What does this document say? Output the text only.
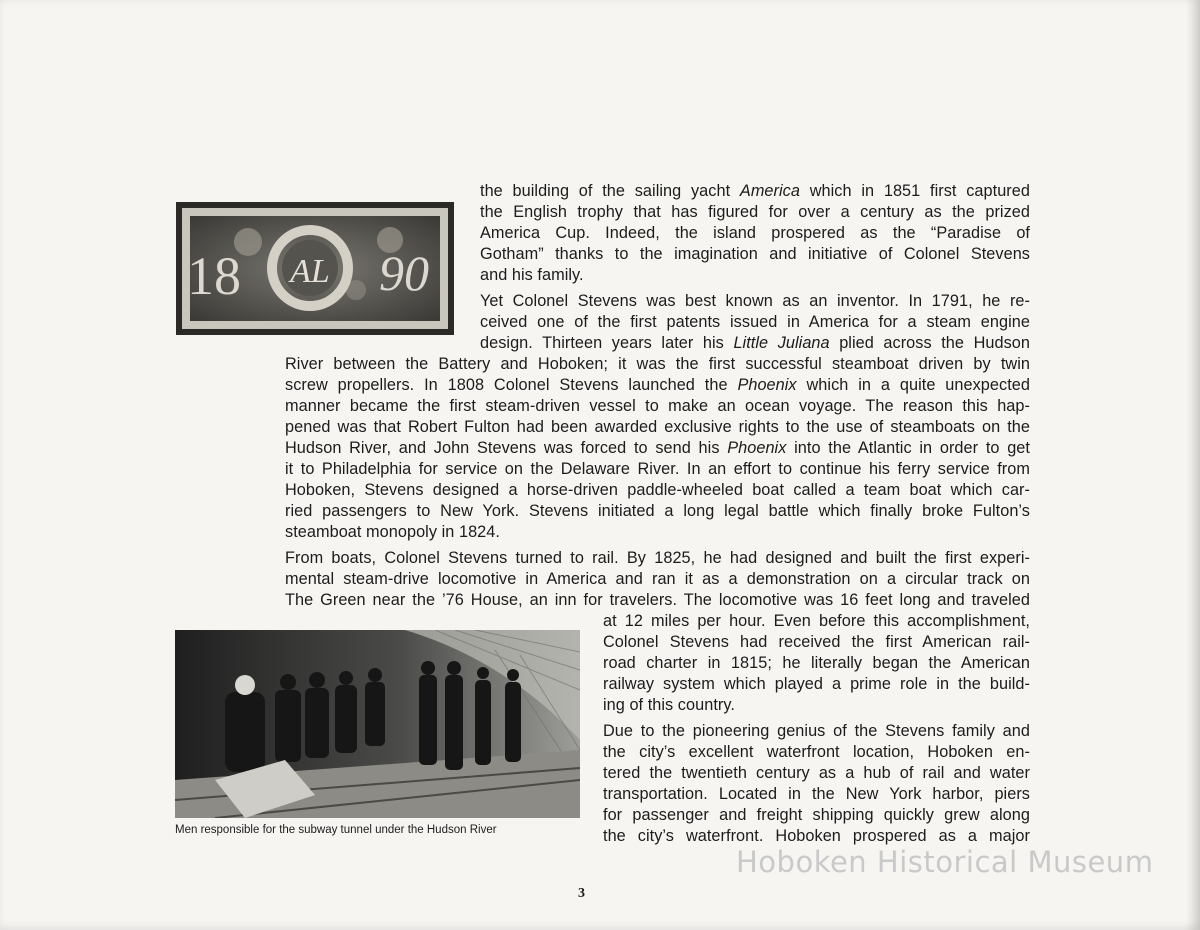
18 AL 90
Men responsible for the subway tunnel under the Hudson River
the building of the sailing yacht America which in 1851 first captured
the English trophy that has figured for over a century as the prized
America Cup. Indeed, the island prospered as the “Paradise of
Gotham” thanks to the imagination and initiative of Colonel Stevens
and his family.
Yet Colonel Stevens was best known as an inventor. In 1791, he re-
ceived one of the first patents issued in America for a steam engine
design. Thirteen years later his Little Juliana plied across the Hudson
River between the Battery and Hoboken; it was the first successful steamboat driven by twin
screw propellers. In 1808 Colonel Stevens launched the Phoenix which in a quite unexpected
manner became the first steam-driven vessel to make an ocean voyage. The reason this hap-
pened was that Robert Fulton had been awarded exclusive rights to the use of steamboats on the
Hudson River, and John Stevens was forced to send his Phoenix into the Atlantic in order to get
it to Philadelphia for service on the Delaware River. In an effort to continue his ferry service from
Hoboken, Stevens designed a horse-driven paddle-wheeled boat called a team boat which car-
ried passengers to New York. Stevens initiated a long legal battle which finally broke Fulton’s
steamboat monopoly in 1824.
From boats, Colonel Stevens turned to rail. By 1825, he had designed and built the first experi-
mental steam-drive locomotive in America and ran it as a demonstration on a circular track on
The Green near the ’76 House, an inn for travelers. The locomotive was 16 feet long and traveled
at 12 miles per hour. Even before this accomplishment,
Colonel Stevens had received the first American rail-
road charter in 1815; he literally began the American
railway system which played a prime role in the build-
ing of this country.
Due to the pioneering genius of the Stevens family and
the city’s excellent waterfront location, Hoboken en-
tered the twentieth century as a hub of rail and water
transportation. Located in the New York harbor, piers
for passenger and freight shipping quickly grew along
the city’s waterfront. Hoboken prospered as a major
3
Hoboken Historical Museum
